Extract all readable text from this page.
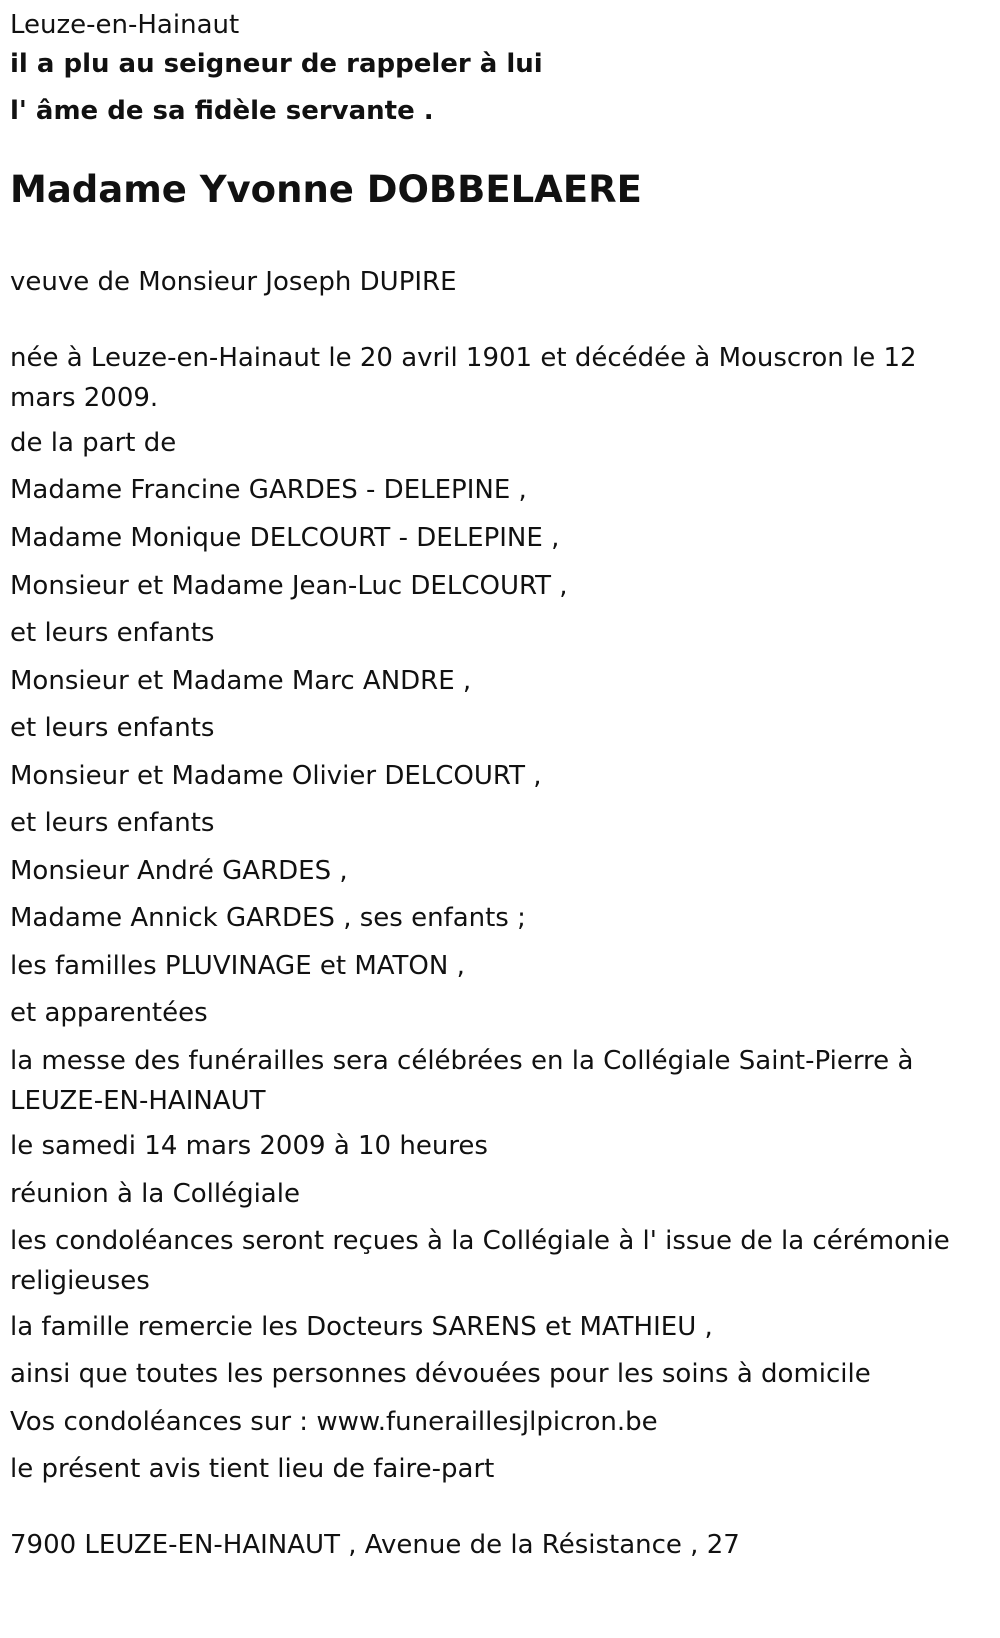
Leuze-en-Hainaut

il a plu au seigneur de rappeler à lui

l' âme de sa fidèle servante .

Madame Yvonne DOBBELAERE

veuve de Monsieur Joseph DUPIRE

née à Leuze-en-Hainaut le 20 avril 1901 et décédée à Mouscron le 12 mars 2009.

de la part de

Madame Francine GARDES - DELEPINE ,

Madame Monique DELCOURT - DELEPINE ,

Monsieur et Madame Jean-Luc DELCOURT ,

et leurs enfants

Monsieur et Madame Marc ANDRE ,

et leurs enfants

Monsieur et Madame Olivier DELCOURT ,

et leurs enfants

Monsieur André GARDES ,

Madame Annick GARDES , ses enfants ;

les familles PLUVINAGE et MATON ,

et apparentées

la messe des funérailles sera célébrées en la Collégiale Saint-Pierre à LEUZE-EN-HAINAUT

le samedi 14 mars 2009 à 10 heures

réunion à la Collégiale

les condoléances seront reçues à la Collégiale à l' issue de la cérémonie religieuses

la famille remercie les Docteurs SARENS et MATHIEU ,

ainsi que toutes les personnes dévouées pour les soins à domicile

Vos condoléances sur : www.funeraillesjlpicron.be

le présent avis tient lieu de faire-part

7900 LEUZE-EN-HAINAUT , Avenue de la Résistance , 27
